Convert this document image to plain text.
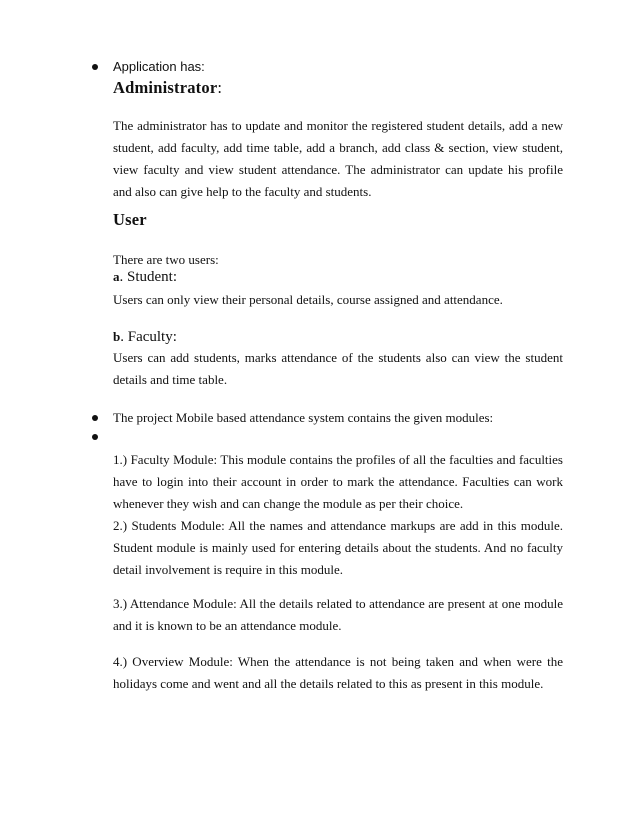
Application has:
Administrator:
The administrator has to update and monitor the registered student details, add a new student, add faculty, add time table, add a branch, add class & section, view student, view faculty and view student attendance. The administrator can update his profile and also can give help to the faculty and students.
User
There are two users:
a. Student:
Users can only view their personal details, course assigned and attendance.
b. Faculty:
Users can add students, marks attendance of the students also can view the student details and time table.
The project Mobile based attendance system contains the given modules:
1.) Faculty Module: This module contains the profiles of all the faculties and faculties have to login into their account in order to mark the attendance. Faculties can work whenever they wish and can change the module as per their choice.
2.) Students Module: All the names and attendance markups are add in this module. Student module is mainly used for entering details about the students. And no faculty detail involvement is require in this module.
3.) Attendance Module: All the details related to attendance are present at one module and it is known to be an attendance module.
4.) Overview Module: When the attendance is not being taken and when were the holidays come and went and all the details related to this as present in this module.
